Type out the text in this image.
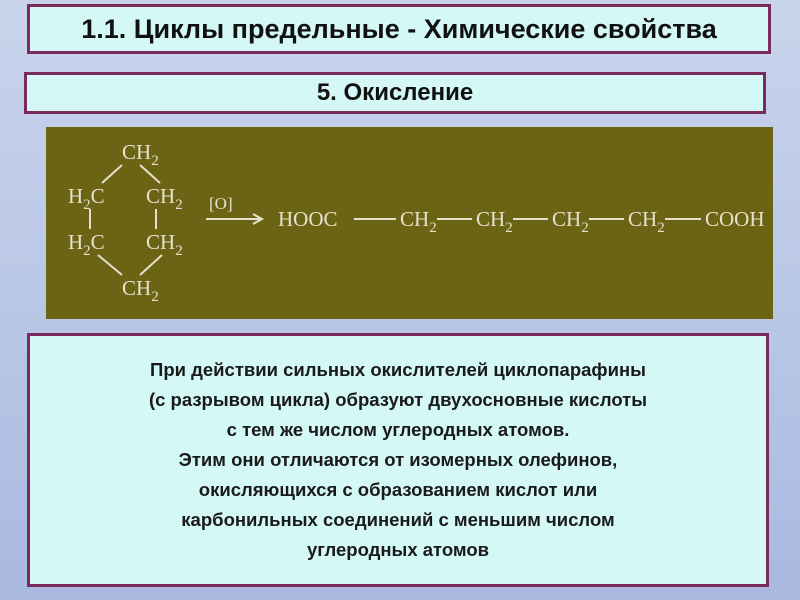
1.1. Циклы предельные - Химические свойства
5. Окисление
$CH_2$
$H_2C$ $CH_2$
$H_2C$ $CH_2$
$CH_2$
[O]
HOOC	$CH_2$ $CH_2$ $CH_2$ $CH_2$ COOH
При действии сильных окислителей циклопарафины
(с разрывом цикла) образуют двухосновные кислоты
с тем же числом углеродных атомов.
Этим они отличаются от изомерных олефинов,
окисляющихся с образованием кислот или
карбонильных соединений с меньшим числом
углеродных атомов
